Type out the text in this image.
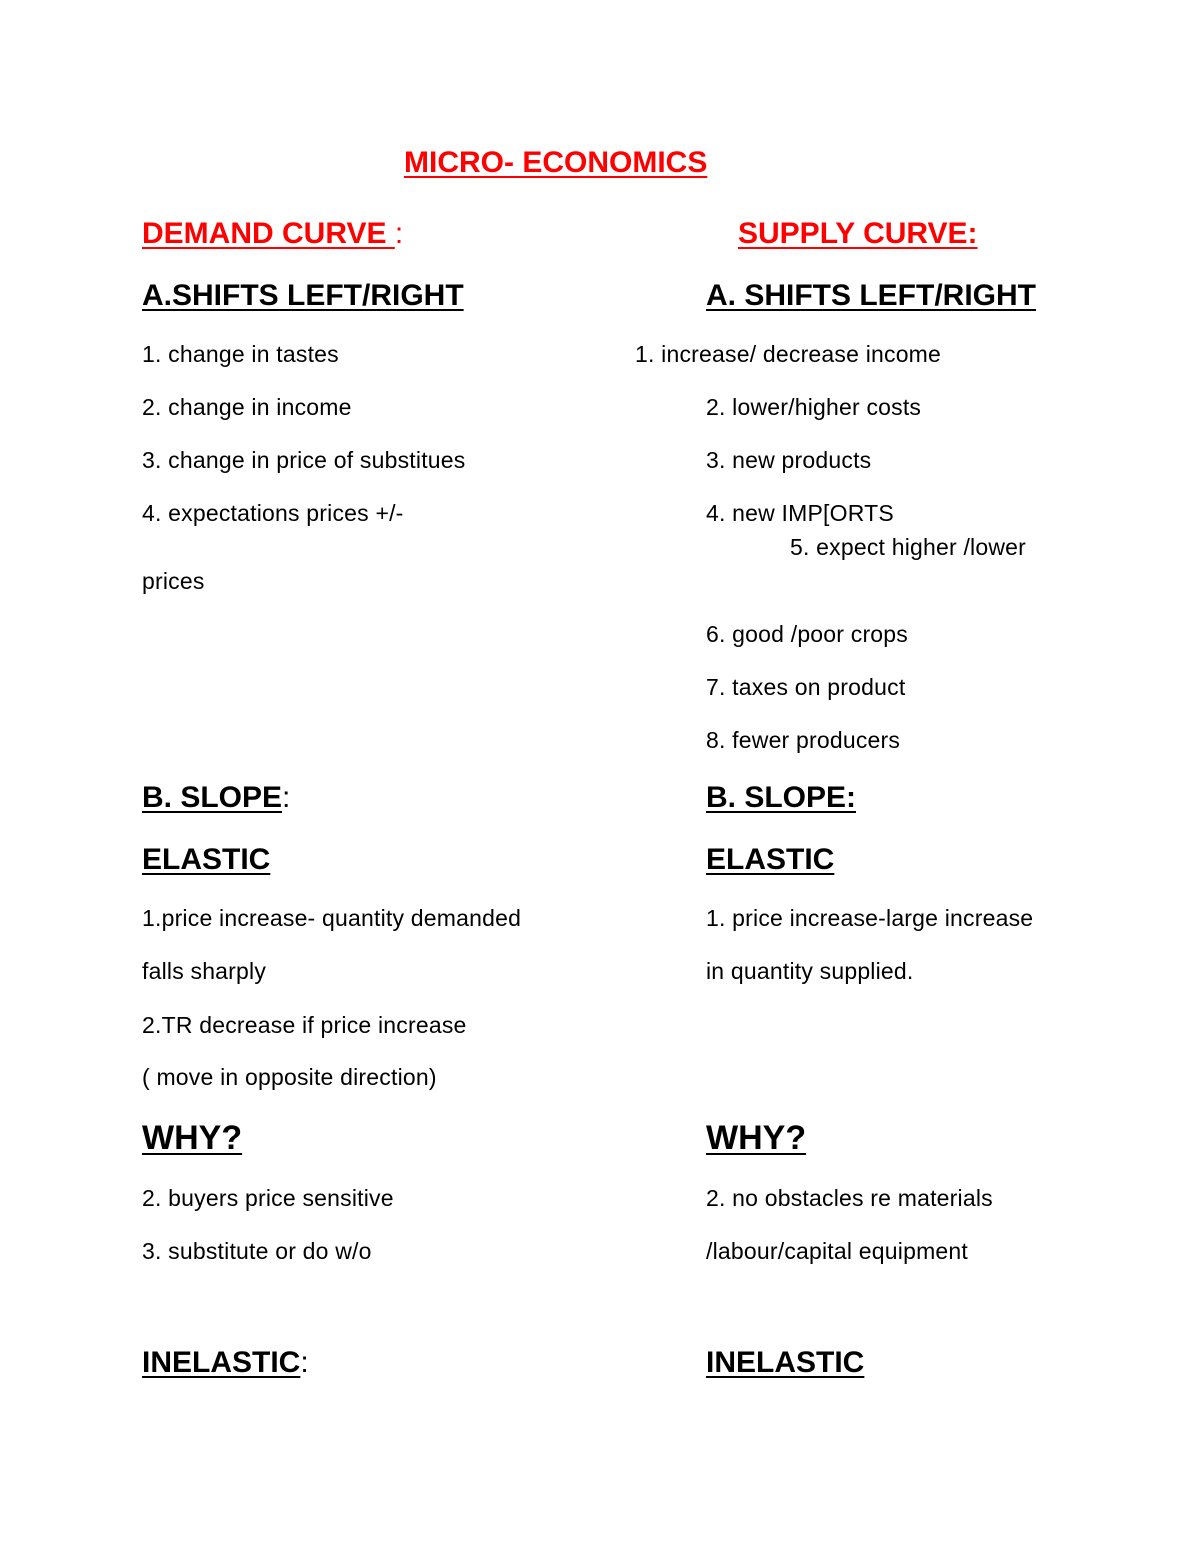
MICRO- ECONOMICS
DEMAND CURVE :
A.SHIFTS LEFT/RIGHT
1. change in tastes
2. change in income
3. change in price of substitues
4. expectations prices +/-
prices
B. SLOPE:
ELASTIC
1.price increase- quantity demanded
falls sharply
2.TR decrease if price increase
( move in opposite direction)
WHY?
2. buyers price sensitive
3. substitute or do w/o
INELASTIC:
SUPPLY CURVE:
A. SHIFTS LEFT/RIGHT
1. increase/ decrease income
2. lower/higher costs
3. new products
4. new IMP[ORTS
5. expect higher /lower
6. good /poor crops
7. taxes on product
8. fewer producers
B. SLOPE:
ELASTIC
1. price increase-large increase
in quantity supplied.
WHY?
2. no obstacles re materials
/labour/capital equipment
INELASTIC
